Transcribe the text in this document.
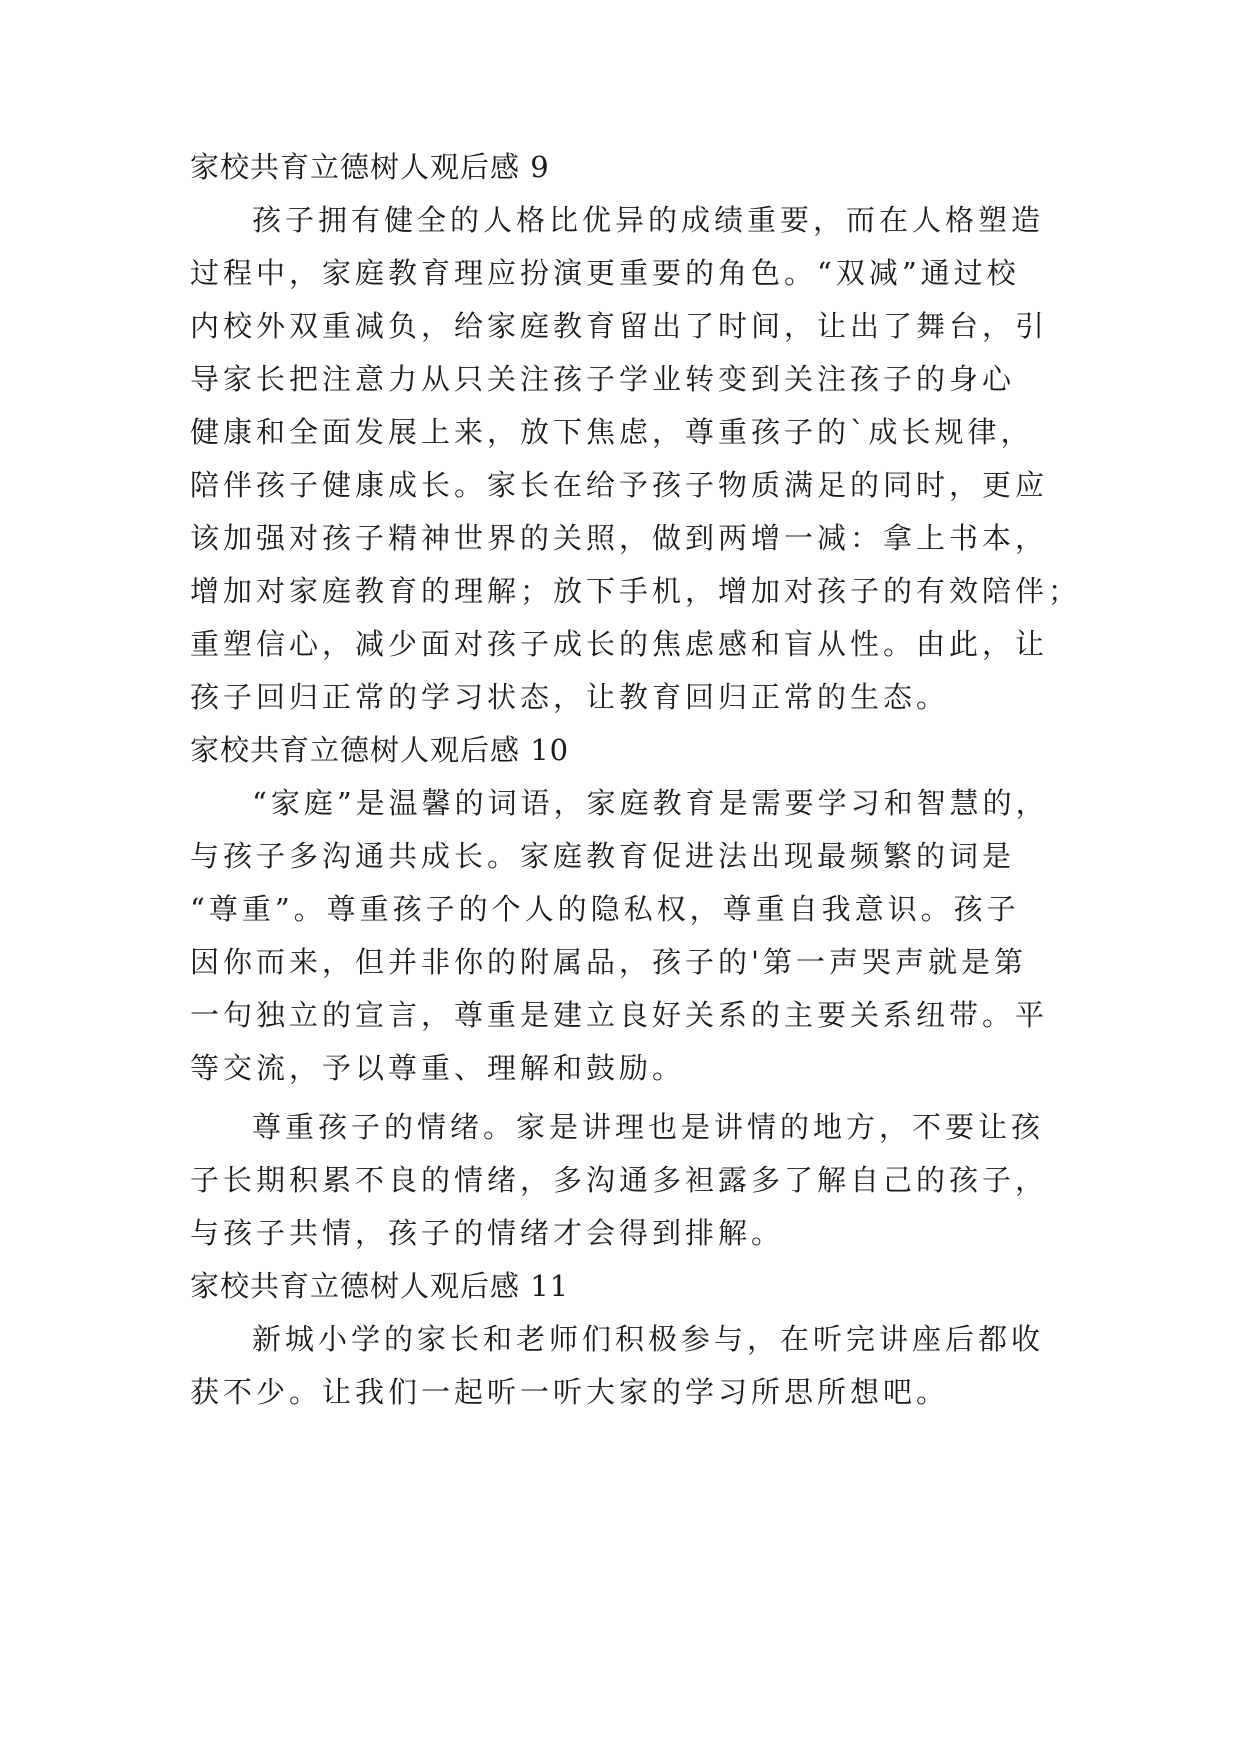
家校共育立德树人观后感 9
孩子拥有健全的人格比优异的成绩重要，而在人格塑造
过程中，家庭教育理应扮演更重要的角色。“双减”通过校
内校外双重减负，给家庭教育留出了时间，让出了舞台，引
导家长把注意力从只关注孩子学业转变到关注孩子的身心
健康和全面发展上来，放下焦虑，尊重孩子的`成长规律，
陪伴孩子健康成长。家长在给予孩子物质满足的同时，更应
该加强对孩子精神世界的关照，做到两增一减：拿上书本，
增加对家庭教育的理解；放下手机，增加对孩子的有效陪伴；
重塑信心，减少面对孩子成长的焦虑感和盲从性。由此，让
孩子回归正常的学习状态，让教育回归正常的生态。
家校共育立德树人观后感 10
“家庭”是温馨的词语，家庭教育是需要学习和智慧的，
与孩子多沟通共成长。家庭教育促进法出现最频繁的词是
“尊重”。尊重孩子的个人的隐私权，尊重自我意识。孩子
因你而来，但并非你的附属品，孩子的'第一声哭声就是第
一句独立的宣言，尊重是建立良好关系的主要关系纽带。平
等交流，予以尊重、理解和鼓励。
尊重孩子的情绪。家是讲理也是讲情的地方，不要让孩
子长期积累不良的情绪，多沟通多袒露多了解自己的孩子，
与孩子共情，孩子的情绪才会得到排解。
家校共育立德树人观后感 11
新城小学的家长和老师们积极参与，在听完讲座后都收
获不少。让我们一起听一听大家的学习所思所想吧。
